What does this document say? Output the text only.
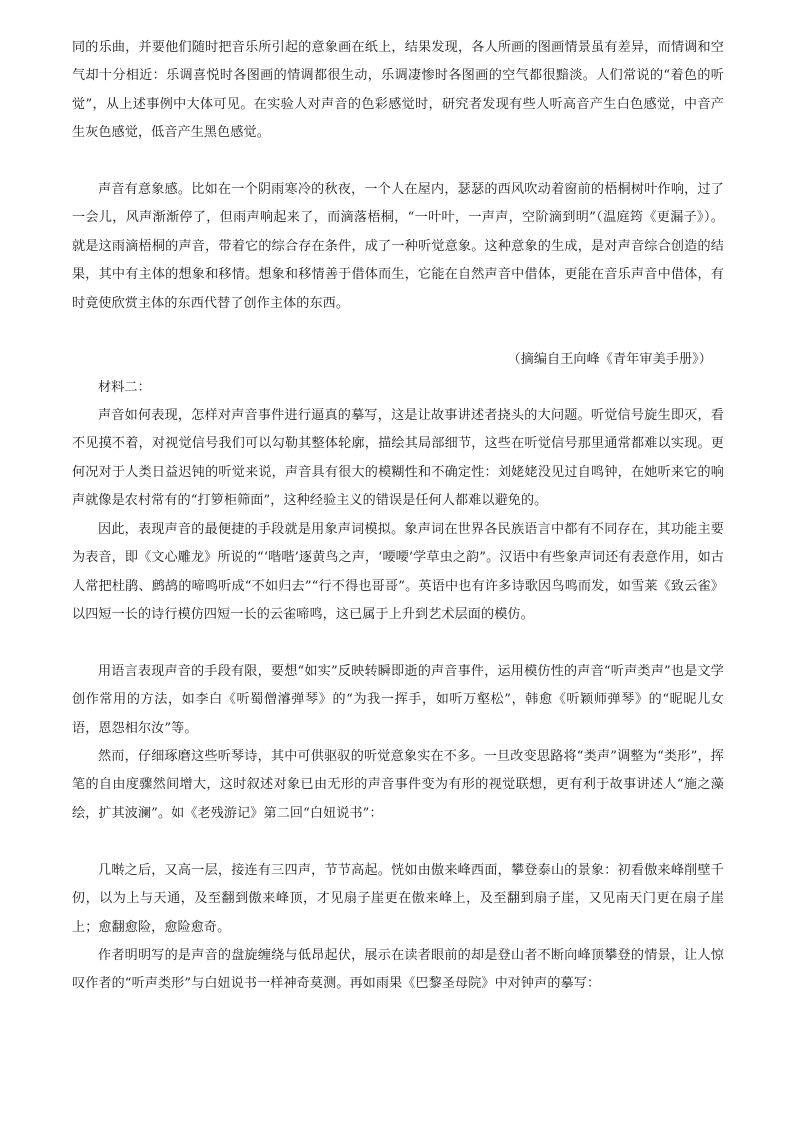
同的乐曲，并要他们随时把音乐所引起的意象画在纸上，结果发现，各人所画的图画情景虽有差异，而情调和空气却十分相近：乐调喜悦时各图画的情调都很生动，乐调凄惨时各图画的空气都很黯淡。人们常说的“着色的听觉”，从上述事例中大体可见。在实验人对声音的色彩感觉时，研究者发现有些人听高音产生白色感觉，中音产生灰色感觉，低音产生黑色感觉。

声音有意象感。比如在一个阴雨寒冷的秋夜，一个人在屋内，瑟瑟的西风吹动着窗前的梧桐树叶作响，过了一会儿，风声渐渐停了，但雨声响起来了，而滴落梧桐，“一叶叶，一声声，空阶滴到明”（温庭筠《更漏子》）。就是这雨滴梧桐的声音，带着它的综合存在条件，成了一种听觉意象。这种意象的生成，是对声音综合创造的结果，其中有主体的想象和移情。想象和移情善于借体而生，它能在自然声音中借体，更能在音乐声音中借体，有时竟使欣赏主体的东西代替了创作主体的东西。

（摘编自王向峰《青年审美手册》）

材料二：

声音如何表现，怎样对声音事件进行逼真的摹写，这是让故事讲述者挠头的大问题。听觉信号旋生即灭，看不见摸不着，对视觉信号我们可以勾勒其整体轮廓，描绘其局部细节，这些在听觉信号那里通常都难以实现。更何况对于人类日益迟钝的听觉来说，声音具有很大的模糊性和不确定性：刘姥姥没见过自鸣钟，在她听来它的响声就像是农村常有的“打箩柜筛面”，这种经验主义的错误是任何人都难以避免的。

因此，表现声音的最便捷的手段就是用象声词模拟。象声词在世界各民族语言中都有不同存在，其功能主要为表音，即《文心雕龙》所说的“‘喈喈’逐黄鸟之声，‘喓喓’学草虫之韵”。汉语中有些象声词还有表意作用，如古人常把杜鹃、鹧鸪的啼鸣听成“不如归去”“行不得也哥哥”。英语中也有许多诗歌因鸟鸣而发，如雪莱《致云雀》以四短一长的诗行模仿四短一长的云雀啼鸣，这已属于上升到艺术层面的模仿。

用语言表现声音的手段有限，要想“如实”反映转瞬即逝的声音事件，运用模仿性的声音“听声类声”也是文学创作常用的方法，如李白《听蜀僧濬弹琴》的“为我一挥手，如听万壑松”，韩愈《听颖师弹琴》的“昵昵儿女语，恩怨相尔汝”等。

然而，仔细琢磨这些听琴诗，其中可供驱驭的听觉意象实在不多。一旦改变思路将“类声”调整为“类形”，挥笔的自由度骤然间增大，这时叙述对象已由无形的声音事件变为有形的视觉联想，更有利于故事讲述人“施之藻绘，扩其波澜”。如《老残游记》第二回“白妞说书”：

几啭之后，又高一层，接连有三四声，节节高起。恍如由傲来峰西面，攀登泰山的景象：初看傲来峰削壁千仞，以为上与天通，及至翻到傲来峰顶，才见扇子崖更在傲来峰上，及至翻到扇子崖，又见南天门更在扇子崖上；愈翻愈险，愈险愈奇。

作者明明写的是声音的盘旋缠绕与低昂起伏，展示在读者眼前的却是登山者不断向峰顶攀登的情景，让人惊叹作者的“听声类形”与白妞说书一样神奇莫测。再如雨果《巴黎圣母院》中对钟声的摹写：
